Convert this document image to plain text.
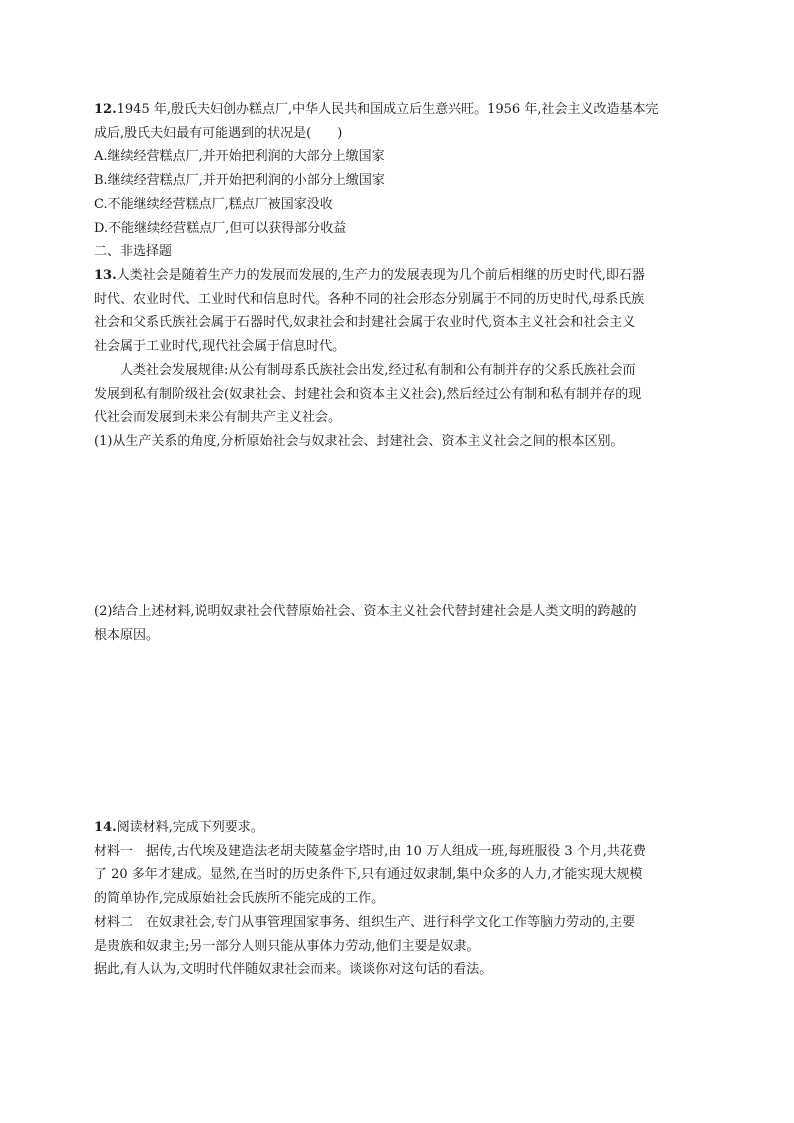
12.1945 年,殷氏夫妇创办糕点厂,中华人民共和国成立后生意兴旺。1956 年,社会主义改造基本完
成后,殷氏夫妇最有可能遇到的状况是(　　)
A.继续经营糕点厂,并开始把利润的大部分上缴国家
B.继续经营糕点厂,并开始把利润的小部分上缴国家
C.不能继续经营糕点厂,糕点厂被国家没收
D.不能继续经营糕点厂,但可以获得部分收益
二、非选择题
13.人类社会是随着生产力的发展而发展的,生产力的发展表现为几个前后相继的历史时代,即石器
时代、农业时代、工业时代和信息时代。各种不同的社会形态分别属于不同的历史时代,母系氏族
社会和父系氏族社会属于石器时代,奴隶社会和封建社会属于农业时代,资本主义社会和社会主义
社会属于工业时代,现代社会属于信息时代。
人类社会发展规律:从公有制母系氏族社会出发,经过私有制和公有制并存的父系氏族社会而
发展到私有制阶级社会(奴隶社会、封建社会和资本主义社会),然后经过公有制和私有制并存的现
代社会而发展到未来公有制共产主义社会。
(1)从生产关系的角度,分析原始社会与奴隶社会、封建社会、资本主义社会之间的根本区别。
(2)结合上述材料,说明奴隶社会代替原始社会、资本主义社会代替封建社会是人类文明的跨越的
根本原因。
14.阅读材料,完成下列要求。
材料一　据传,古代埃及建造法老胡夫陵墓金字塔时,由 10 万人组成一班,每班服役 3 个月,共花费
了 20 多年才建成。显然,在当时的历史条件下,只有通过奴隶制,集中众多的人力,才能实现大规模
的简单协作,完成原始社会氏族所不能完成的工作。
材料二　在奴隶社会,专门从事管理国家事务、组织生产、进行科学文化工作等脑力劳动的,主要
是贵族和奴隶主;另一部分人则只能从事体力劳动,他们主要是奴隶。
据此,有人认为,文明时代伴随奴隶社会而来。谈谈你对这句话的看法。
